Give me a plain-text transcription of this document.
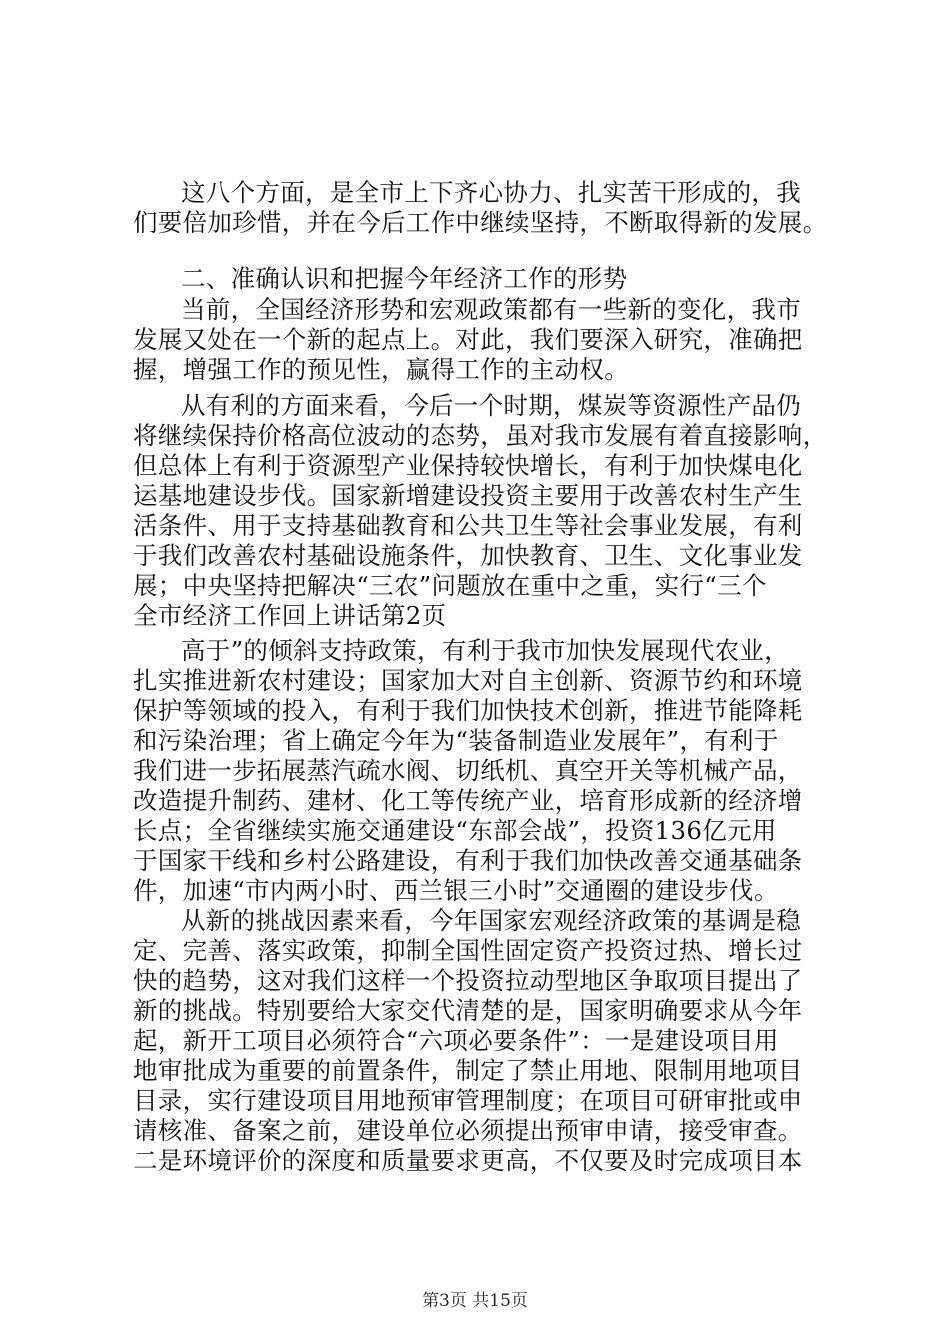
这八个方面，是全市上下齐心协力、扎实苦干形成的，我
们要倍加珍惜，并在今后工作中继续坚持，不断取得新的发展。
二、准确认识和把握今年经济工作的形势
当前，全国经济形势和宏观政策都有一些新的变化，我市
发展又处在一个新的起点上。对此，我们要深入研究，准确把
握，增强工作的预见性，赢得工作的主动权。
从有利的方面来看，今后一个时期，煤炭等资源性产品仍
将继续保持价格高位波动的态势，虽对我市发展有着直接影响，
但总体上有利于资源型产业保持较快增长，有利于加快煤电化
运基地建设步伐。国家新增建设投资主要用于改善农村生产生
活条件、用于支持基础教育和公共卫生等社会事业发展，有利
于我们改善农村基础设施条件，加快教育、卫生、文化事业发
展；中央坚持把解决“三农”问题放在重中之重，实行“三个
全市经济工作回上讲话第2页
高于”的倾斜支持政策，有利于我市加快发展现代农业，
扎实推进新农村建设；国家加大对自主创新、资源节约和环境
保护等领域的投入，有利于我们加快技术创新，推进节能降耗
和污染治理；省上确定今年为“装备制造业发展年”，有利于
我们进一步拓展蒸汽疏水阀、切纸机、真空开关等机械产品，
改造提升制药、建材、化工等传统产业，培育形成新的经济增
长点；全省继续实施交通建设“东部会战”，投资136亿元用
于国家干线和乡村公路建设，有利于我们加快改善交通基础条
件，加速“市内两小时、西兰银三小时”交通圈的建设步伐。
从新的挑战因素来看，今年国家宏观经济政策的基调是稳
定、完善、落实政策，抑制全国性固定资产投资过热、增长过
快的趋势，这对我们这样一个投资拉动型地区争取项目提出了
新的挑战。特别要给大家交代清楚的是，国家明确要求从今年
起，新开工项目必须符合“六项必要条件”：一是建设项目用
地审批成为重要的前置条件，制定了禁止用地、限制用地项目
目录，实行建设项目用地预审管理制度；在项目可研审批或申
请核准、备案之前，建设单位必须提出预审申请，接受审查。
二是环境评价的深度和质量要求更高，不仅要及时完成项目本
第3页 共15页
